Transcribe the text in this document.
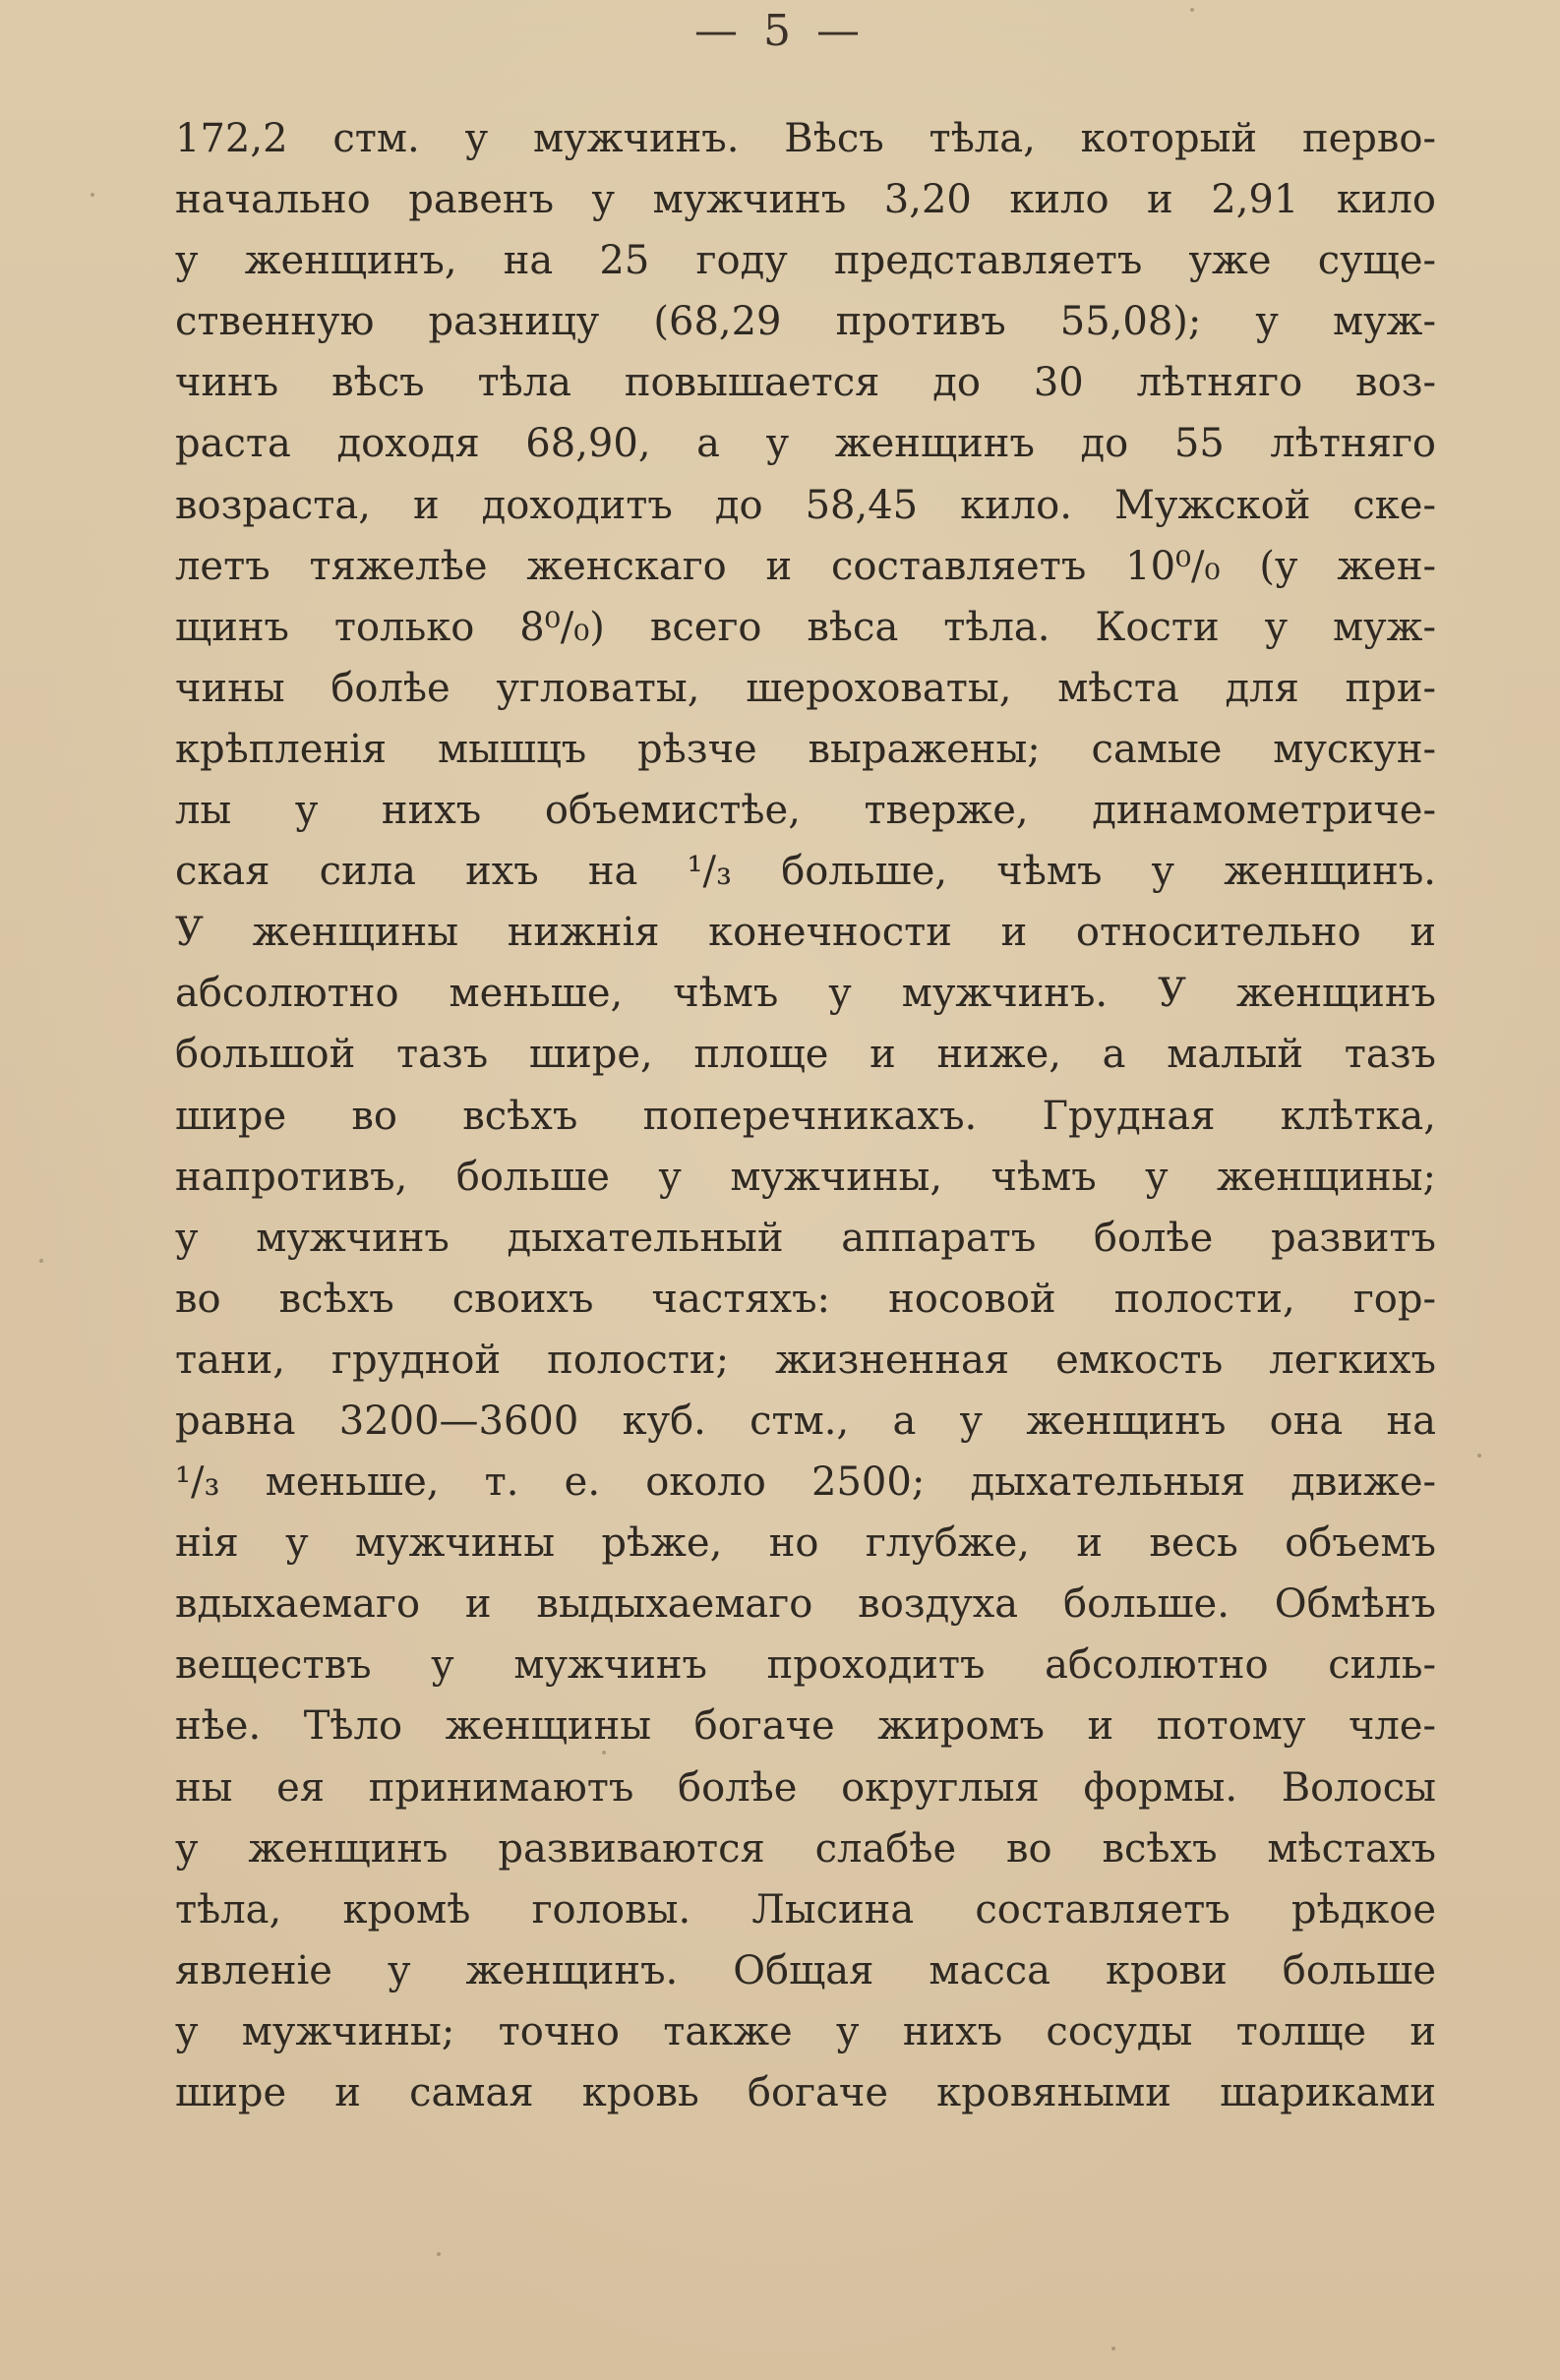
— 5 —

172,2 стм. у мужчинъ. Вѣсъ тѣла, который перво-
начально равенъ у мужчинъ 3,20 кило и 2,91 кило
у женщинъ, на 25 году представляетъ уже суще-
ственную разницу (68,29 противъ 55,08); у муж-
чинъ вѣсъ тѣла повышается до 30 лѣтняго воз-
раста доходя 68,90, а у женщинъ до 55 лѣтняго
возраста, и доходитъ до 58,45 кило. Мужской ске-
летъ тяжелѣе женскаго и составляетъ 10⁰/₀ (у жен-
щинъ только 8⁰/₀) всего вѣса тѣла. Кости у муж-
чины болѣе угловаты, шероховаты, мѣста для при-
крѣпленія мышцъ рѣзче выражены; самые мускун-
лы у нихъ объемистѣе, тверже, динамометриче-
ская сила ихъ на ¹/₃ больше, чѣмъ у женщинъ.
У женщины нижнія конечности и относительно и
абсолютно меньше, чѣмъ у мужчинъ. У женщинъ
большой тазъ шире, площе и ниже, а малый тазъ
шире во всѣхъ поперечникахъ. Грудная клѣтка,
напротивъ, больше у мужчины, чѣмъ у женщины;
у мужчинъ дыхательный аппаратъ болѣе развитъ
во всѣхъ своихъ частяхъ: носовой полости, гор-
тани, грудной полости; жизненная емкость легкихъ
равна 3200—3600 куб. стм., а у женщинъ она на
¹/₃ меньше, т. е. около 2500; дыхательныя движе-
нія у мужчины рѣже, но глубже, и весь объемъ
вдыхаемаго и выдыхаемаго воздуха больше. Обмѣнъ
веществъ у мужчинъ проходитъ абсолютно силь-
нѣе. Тѣло женщины богаче жиромъ и потому чле-
ны ея принимаютъ болѣе округлыя формы. Волосы
у женщинъ развиваются слабѣе во всѣхъ мѣстахъ
тѣла, кромѣ головы. Лысина составляетъ рѣдкое
явленіе у женщинъ. Общая масса крови больше
у мужчины; точно также у нихъ сосуды толще и
шире и самая кровь богаче кровяными шариками
